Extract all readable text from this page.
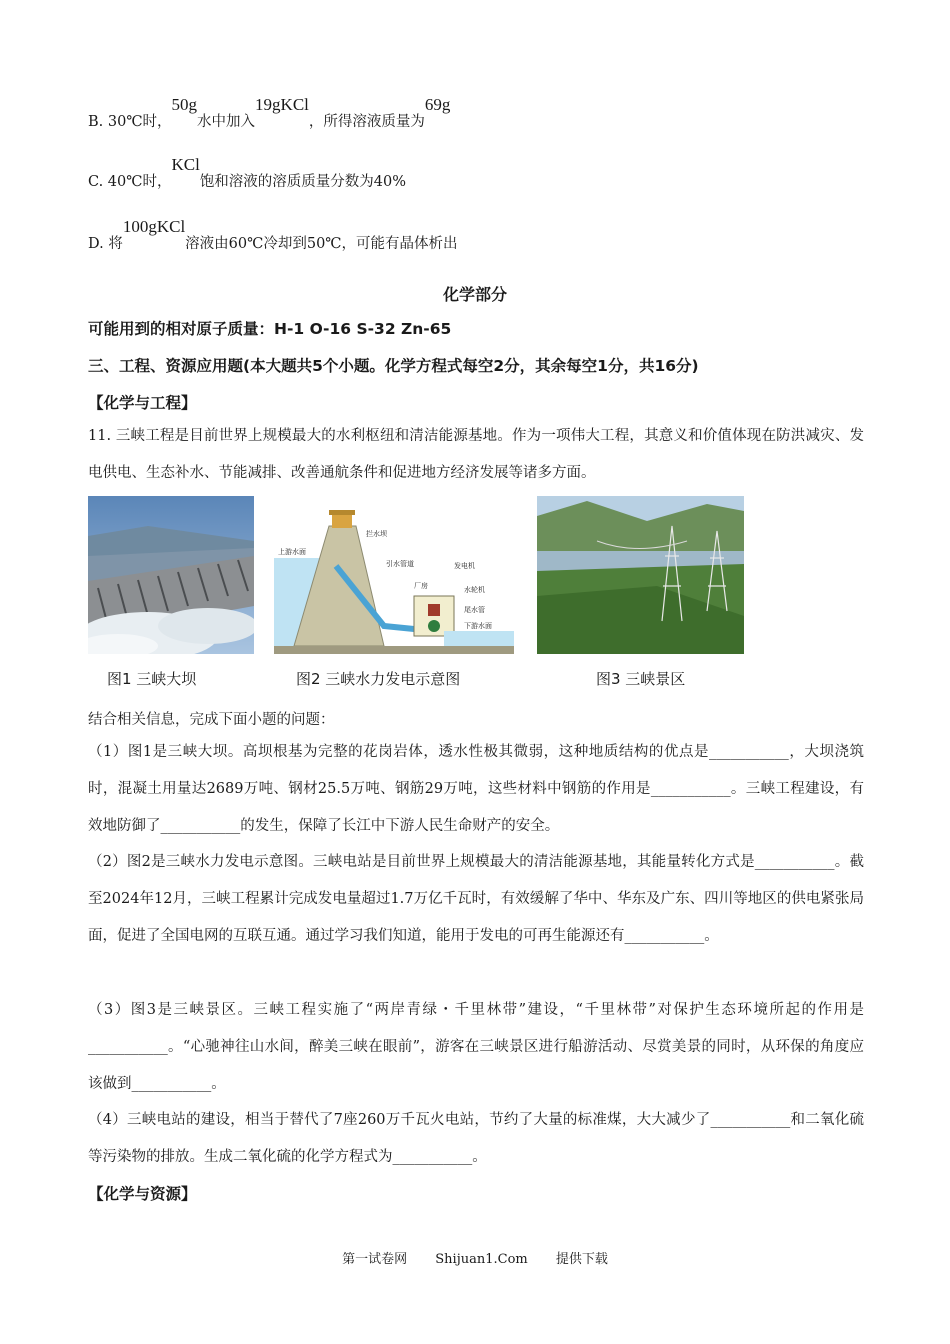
B. 30℃时，50g水中加入19gKCl，所得溶液质量为69g
C. 40℃时，KCl饱和溶液的溶质质量分数为40%
D. 将100gKCl溶液由60℃冷却到50℃，可能有晶体析出
化学部分
可能用到的相对原子质量：H-1 O-16 S-32 Zn-65
三、工程、资源应用题(本大题共5个小题。化学方程式每空2分，其余每空1分，共16分)
【化学与工程】
11. 三峡工程是目前世界上规模最大的水利枢纽和清洁能源基地。作为一项伟大工程，其意义和价值体现在防洪减灾、发电供电、生态补水、节能减排、改善通航条件和促进地方经济发展等诸多方面。
上游水面
拦水坝
引水管道	发电机
厂房	水轮机
尾水管
下游水面
图1 三峡大坝	图2 三峡水力发电示意图	图3 三峡景区
结合相关信息，完成下面小题的问题：
（1）图1是三峡大坝。高坝根基为完整的花岗岩体，透水性极其微弱，这种地质结构的优点是___________，大坝浇筑时，混凝土用量达2689万吨、钢材25.5万吨、钢筋29万吨，这些材料中钢筋的作用是___________。三峡工程建设，有效地防御了___________的发生，保障了长江中下游人民生命财产的安全。
（2）图2是三峡水力发电示意图。三峡电站是目前世界上规模最大的清洁能源基地，其能量转化方式是___________。截至2024年12月，三峡工程累计完成发电量超过1.7万亿千瓦时，有效缓解了华中、华东及广东、四川等地区的供电紧张局面，促进了全国电网的互联互通。通过学习我们知道，能用于发电的可再生能源还有___________。
（3）图3是三峡景区。三峡工程实施了“两岸青绿・千里林带”建设，“千里林带”对保护生态环境所起的作用是___________。“心驰神往山水间，醉美三峡在眼前”，游客在三峡景区进行船游活动、尽赏美景的同时，从环保的角度应该做到___________。
（4）三峡电站的建设，相当于替代了7座260万千瓦火电站，节约了大量的标准煤，大大减少了___________和二氧化硫等污染物的排放。生成二氧化硫的化学方程式为___________。
【化学与资源】
第一试卷网 Shijuan1.Com 提供下载
